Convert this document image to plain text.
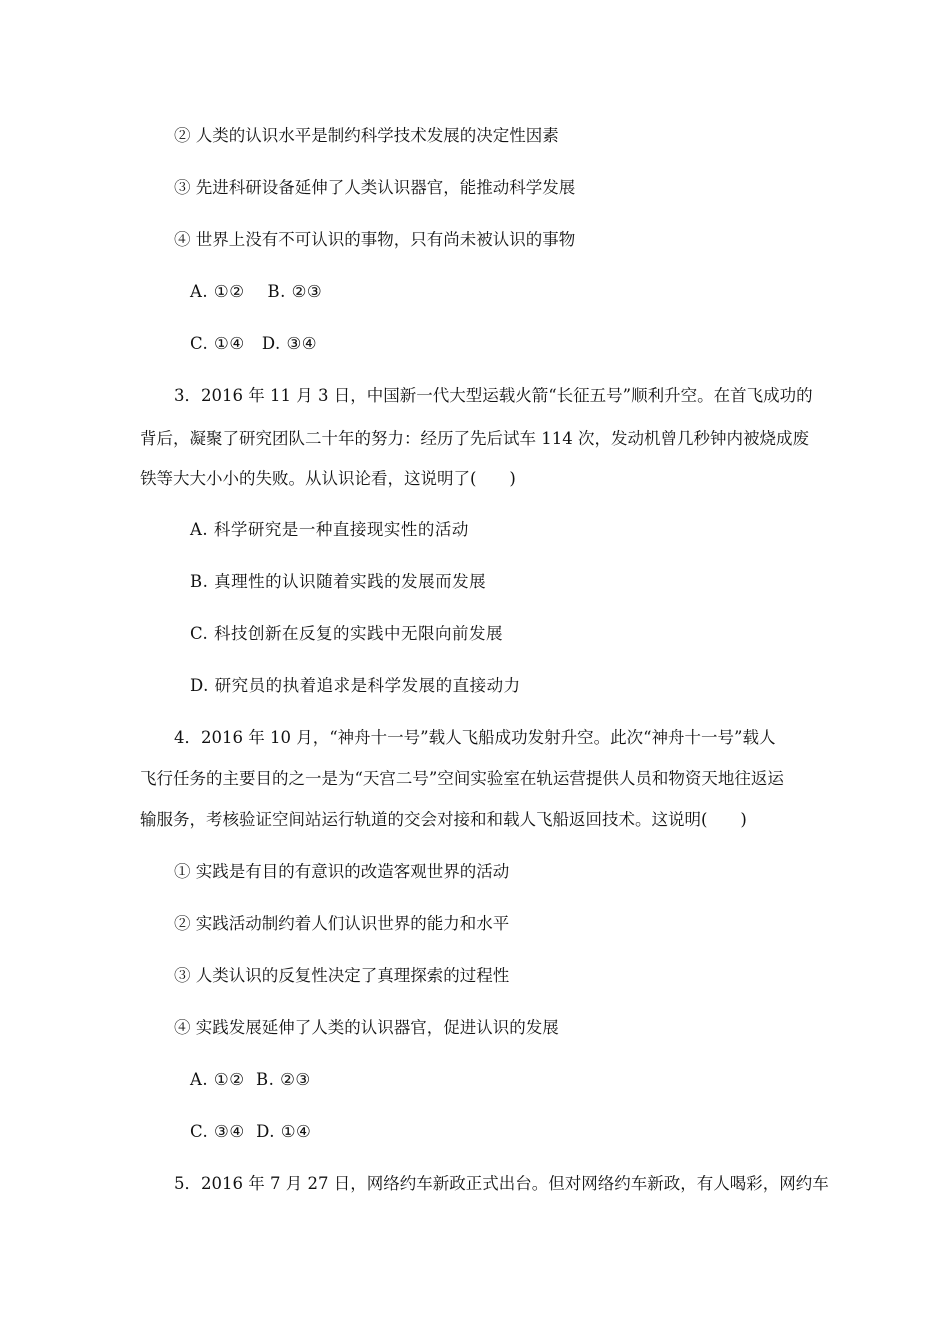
② 人类的认识水平是制约科学技术发展的决定性因素
③ 先进科研设备延伸了人类认识器官，能推动科学发展
④ 世界上没有不可认识的事物，只有尚未被认识的事物
A. ①②    B. ②③
C. ①④   D. ③④
3．2016 年 11 月 3 日，中国新一代大型运载火箭“长征五号”顺利升空。在首飞成功的
背后，凝聚了研究团队二十年的努力：经历了先后试车 114 次，发动机曾几秒钟内被烧成废
铁等大大小小的失败。从认识论看，这说明了(　　)
A. 科学研究是一种直接现实性的活动
B. 真理性的认识随着实践的发展而发展
C. 科技创新在反复的实践中无限向前发展
D. 研究员的执着追求是科学发展的直接动力
4．2016 年 10 月，“神舟十一号”载人飞船成功发射升空。此次“神舟十一号”载人
飞行任务的主要目的之一是为“天宫二号”空间实验室在轨运营提供人员和物资天地往返运
输服务，考核验证空间站运行轨道的交会对接和和载人飞船返回技术。这说明(　　)
① 实践是有目的有意识的改造客观世界的活动
② 实践活动制约着人们认识世界的能力和水平
③ 人类认识的反复性决定了真理探索的过程性
④ 实践发展延伸了人类的认识器官，促进认识的发展
A. ①②  B. ②③
C. ③④  D. ①④
5．2016 年 7 月 27 日，网络约车新政正式出台。但对网络约车新政，有人喝彩，网约车
